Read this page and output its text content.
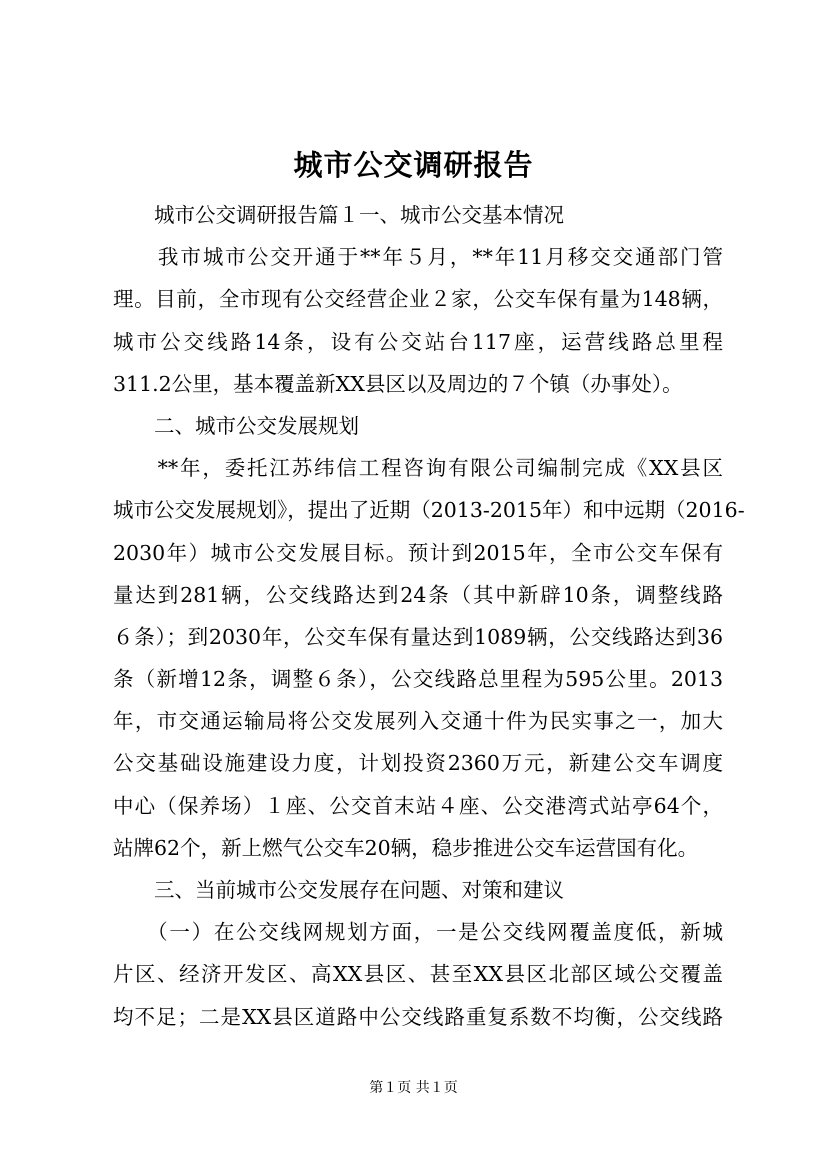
城市公交调研报告
　　城市公交调研报告篇１一、城市公交基本情况
　　我市城市公交开通于**年５月，**年11月移交交通部门管
理。目前，全市现有公交经营企业２家，公交车保有量为148辆，
城市公交线路14条，设有公交站台117座，运营线路总里程
311.2公里，基本覆盖新XX县区以及周边的７个镇（办事处）。
　　二、城市公交发展规划
　　**年，委托江苏纬信工程咨询有限公司编制完成《XX县区
城市公交发展规划》，提出了近期（2013-2015年）和中远期（2016-
2030年）城市公交发展目标。预计到2015年，全市公交车保有
量达到281辆，公交线路达到24条（其中新辟10条，调整线路
６条）；到2030年，公交车保有量达到1089辆，公交线路达到36
条（新增12条，调整６条），公交线路总里程为595公里。2013
年，市交通运输局将公交发展列入交通十件为民实事之一，加大
公交基础设施建设力度，计划投资2360万元，新建公交车调度
中心（保养场）１座、公交首末站４座、公交港湾式站亭64个，
站牌62个，新上燃气公交车20辆，稳步推进公交车运营国有化。
　　三、当前城市公交发展存在问题、对策和建议
　　（一）在公交线网规划方面，一是公交线网覆盖度低，新城
片区、经济开发区、高XX县区、甚至XX县区北部区域公交覆盖
均不足；二是XX县区道路中公交线路重复系数不均衡，公交线路
第１页 共１页
